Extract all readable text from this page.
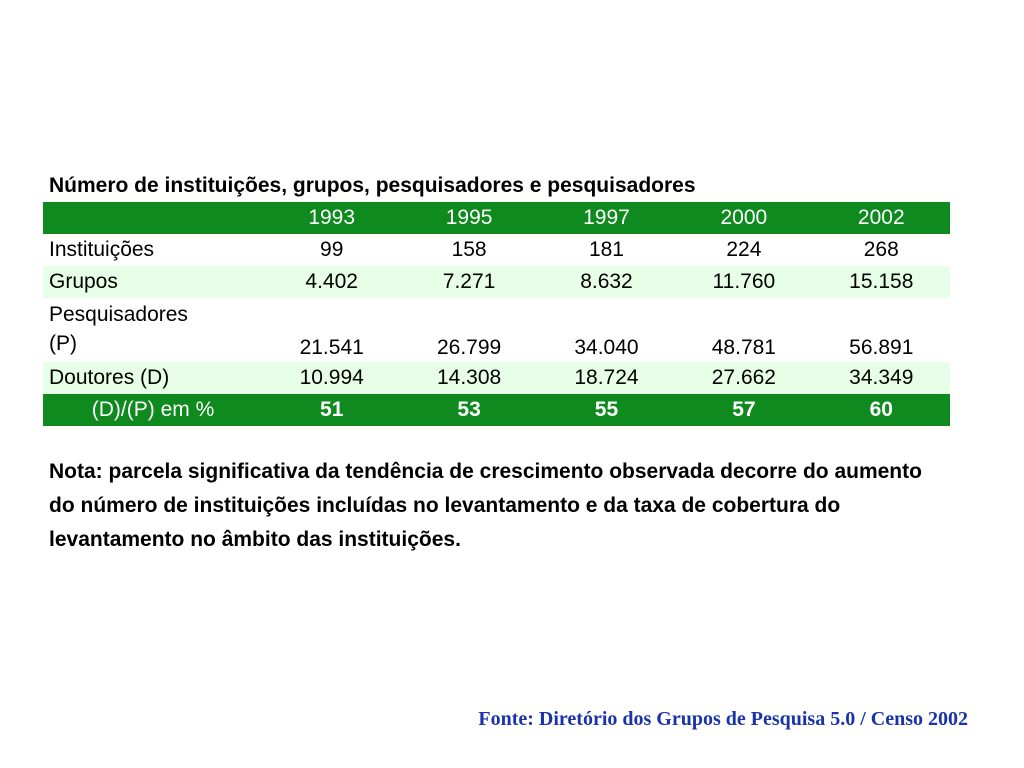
Número de instituições, grupos, pesquisadores e pesquisadores
	1993	1995	1997	2000	2002
Instituições	99	158	181	224	268
Grupos	4.402	7.271	8.632	11.760	15.158
Pesquisadores
(P)	21.541	26.799	34.040	48.781	56.891
Doutores (D)	10.994	14.308	18.724	27.662	34.349
(D)/(P) em %	51	53	55	57	60
Nota: parcela significativa da tendência de crescimento observada decorre do aumento do número de instituições incluídas no levantamento e da taxa de cobertura do levantamento no âmbito das instituições.
Fonte: Diretório dos Grupos de Pesquisa 5.0 / Censo 2002
